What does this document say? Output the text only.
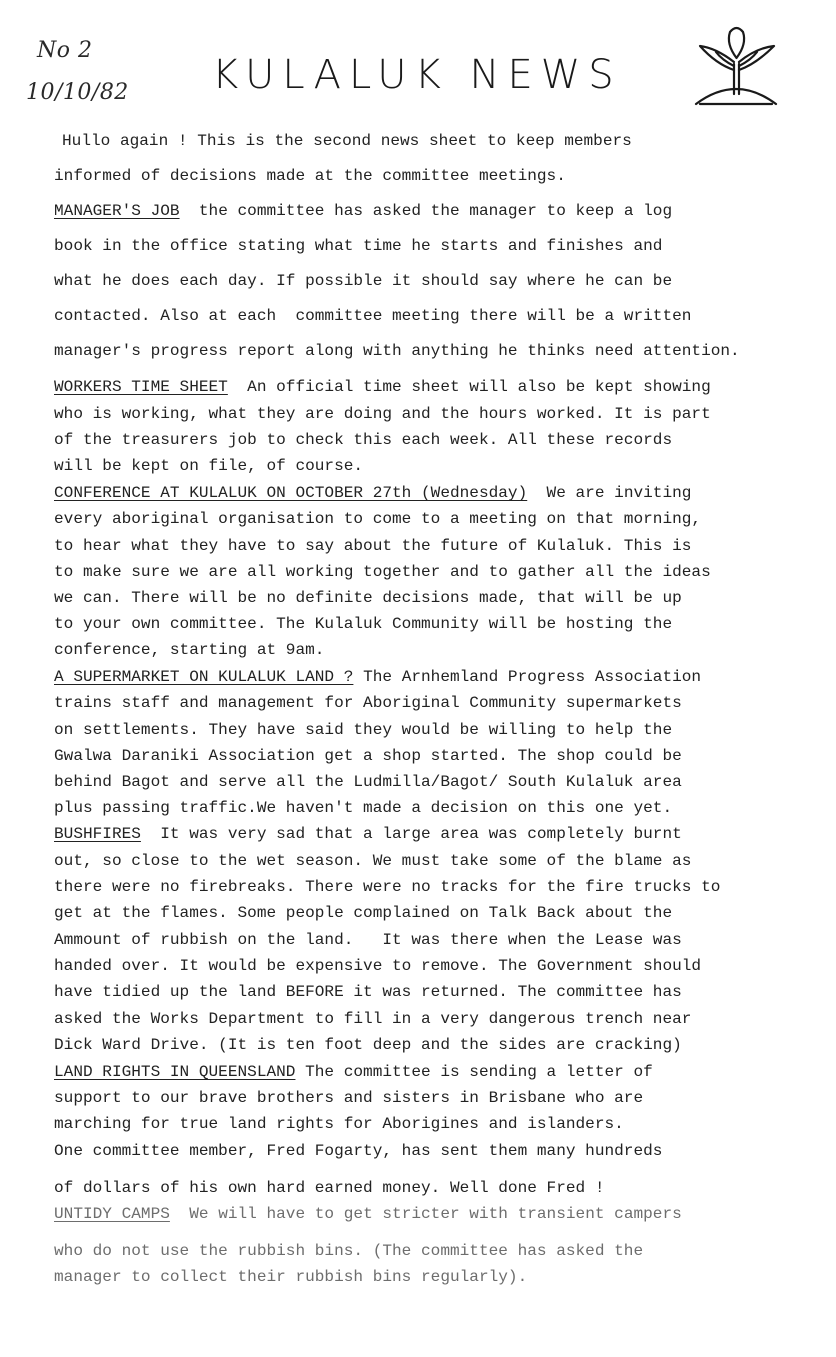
No 2
10/10/82 KULALUK NEWS
Hullo again ! This is the second news sheet to keep members
informed of decisions made at the committee meetings.
MANAGER'S JOB  the committee has asked the manager to keep a log
book in the office stating what time he starts and finishes and
what he does each day. If possible it should say where he can be
contacted. Also at each  committee meeting there will be a written
manager's progress report along with anything he thinks need attention.
WORKERS TIME SHEET  An official time sheet will also be kept showing
who is working, what they are doing and the hours worked. It is part
of the treasurers job to check this each week. All these records
will be kept on file, of course.
CONFERENCE AT KULALUK ON OCTOBER 27th (Wednesday)  We are inviting
every aboriginal organisation to come to a meeting on that morning,
to hear what they have to say about the future of Kulaluk. This is
to make sure we are all working together and to gather all the ideas
we can. There will be no definite decisions made, that will be up
to your own committee. The Kulaluk Community will be hosting the
conference, starting at 9am.
A SUPERMARKET ON KULALUK LAND ? The Arnhemland Progress Association
trains staff and management for Aboriginal Community supermarkets
on settlements. They have said they would be willing to help the
Gwalwa Daraniki Association get a shop started. The shop could be
behind Bagot and serve all the Ludmilla/Bagot/ South Kulaluk area
plus passing traffic.We haven't made a decision on this one yet.
BUSHFIRES  It was very sad that a large area was completely burnt
out, so close to the wet season. We must take some of the blame as
there were no firebreaks. There were no tracks for the fire trucks to
get at the flames. Some people complained on Talk Back about the
Ammount of rubbish on the land.   It was there when the Lease was
handed over. It would be expensive to remove. The Government should
have tidied up the land BEFORE it was returned. The committee has
asked the Works Department to fill in a very dangerous trench near
Dick Ward Drive. (It is ten foot deep and the sides are cracking)
LAND RIGHTS IN QUEENSLAND The committee is sending a letter of
support to our brave brothers and sisters in Brisbane who are
marching for true land rights for Aborigines and islanders.
One committee member, Fred Fogarty, has sent them many hundreds
of dollars of his own hard earned money. Well done Fred !
UNTIDY CAMPS  We will have to get stricter with transient campers
who do not use the rubbish bins. (The committee has asked the
manager to collect their rubbish bins regularly).
